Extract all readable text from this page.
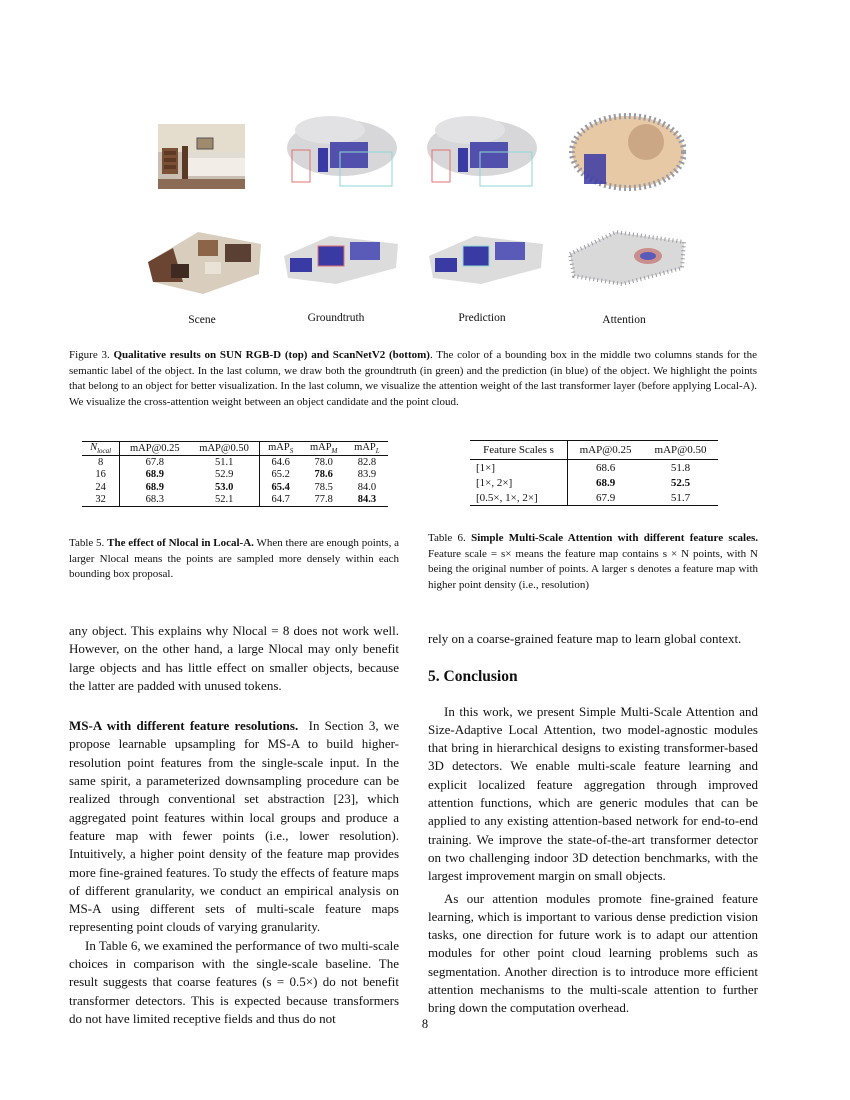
Scene	Groundtruth	Prediction	Attention
Figure 3. Qualitative results on SUN RGB-D (top) and ScanNetV2 (bottom). The color of a bounding box in the middle two columns stands for the semantic label of the object. In the last column, we draw both the groundtruth (in green) and the prediction (in blue) of the object. We highlight the points that belong to an object for better visualization. In the last column, we visualize the attention weight of the last transformer layer (before applying Local-A). We visualize the cross-attention weight between an object candidate and the point cloud.
$N_{local}$	mAP@0.25	mAP@0.50	mAP$_S$	mAP$_M$	mAP$_L$
8	67.8	51.1	64.6	78.0	82.8
16	68.9	52.9	65.2	78.6	83.9
24	68.9	53.0	65.4	78.5	84.0
32	68.3	52.1	64.7	77.8	84.3
Table 5. The effect of Nlocal in Local-A. When there are enough points, a larger Nlocal means the points are sampled more densely within each bounding box proposal.
Feature Scales s	mAP@0.25	mAP@0.50
[1×]	68.6	51.8
[1×, 2×]	68.9	52.5
[0.5×, 1×, 2×]	67.9	51.7
Table 6. Simple Multi-Scale Attention with different feature scales. Feature scale = s× means the feature map contains s × N points, with N being the original number of points. A larger s denotes a feature map with higher point density (i.e., resolution)

any object. This explains why Nlocal = 8 does not work well. However, on the other hand, a large Nlocal may only benefit large objects and has little effect on smaller objects, because the latter are padded with unused tokens.

MS-A with different feature resolutions. In Section 3, we propose learnable upsampling for MS-A to build higher-resolution point features from the single-scale input. In the same spirit, a parameterized downsampling procedure can be realized through conventional set abstraction [23], which aggregated point features within local groups and produce a feature map with fewer points (i.e., lower resolution). Intuitively, a higher point density of the feature map provides more fine-grained features. To study the effects of feature maps of different granularity, we conduct an empirical analysis on MS-A using different sets of multi-scale feature maps representing point clouds of varying granularity.

In Table 6, we examined the performance of two multi-scale choices in comparison with the single-scale baseline. The result suggests that coarse features (s = 0.5×) do not benefit transformer detectors. This is expected because transformers do not have limited receptive fields and thus do not

rely on a coarse-grained feature map to learn global context.

5. Conclusion

In this work, we present Simple Multi-Scale Attention and Size-Adaptive Local Attention, two model-agnostic modules that bring in hierarchical designs to existing transformer-based 3D detectors. We enable multi-scale feature learning and explicit localized feature aggregation through improved attention functions, which are generic modules that can be applied to any existing attention-based network for end-to-end training. We improve the state-of-the-art transformer detector on two challenging indoor 3D detection benchmarks, with the largest improvement margin on small objects.

As our attention modules promote fine-grained feature learning, which is important to various dense prediction vision tasks, one direction for future work is to adapt our attention modules for other point cloud learning problems such as segmentation. Another direction is to introduce more efficient attention mechanisms to the multi-scale attention to further bring down the computation overhead.

8
